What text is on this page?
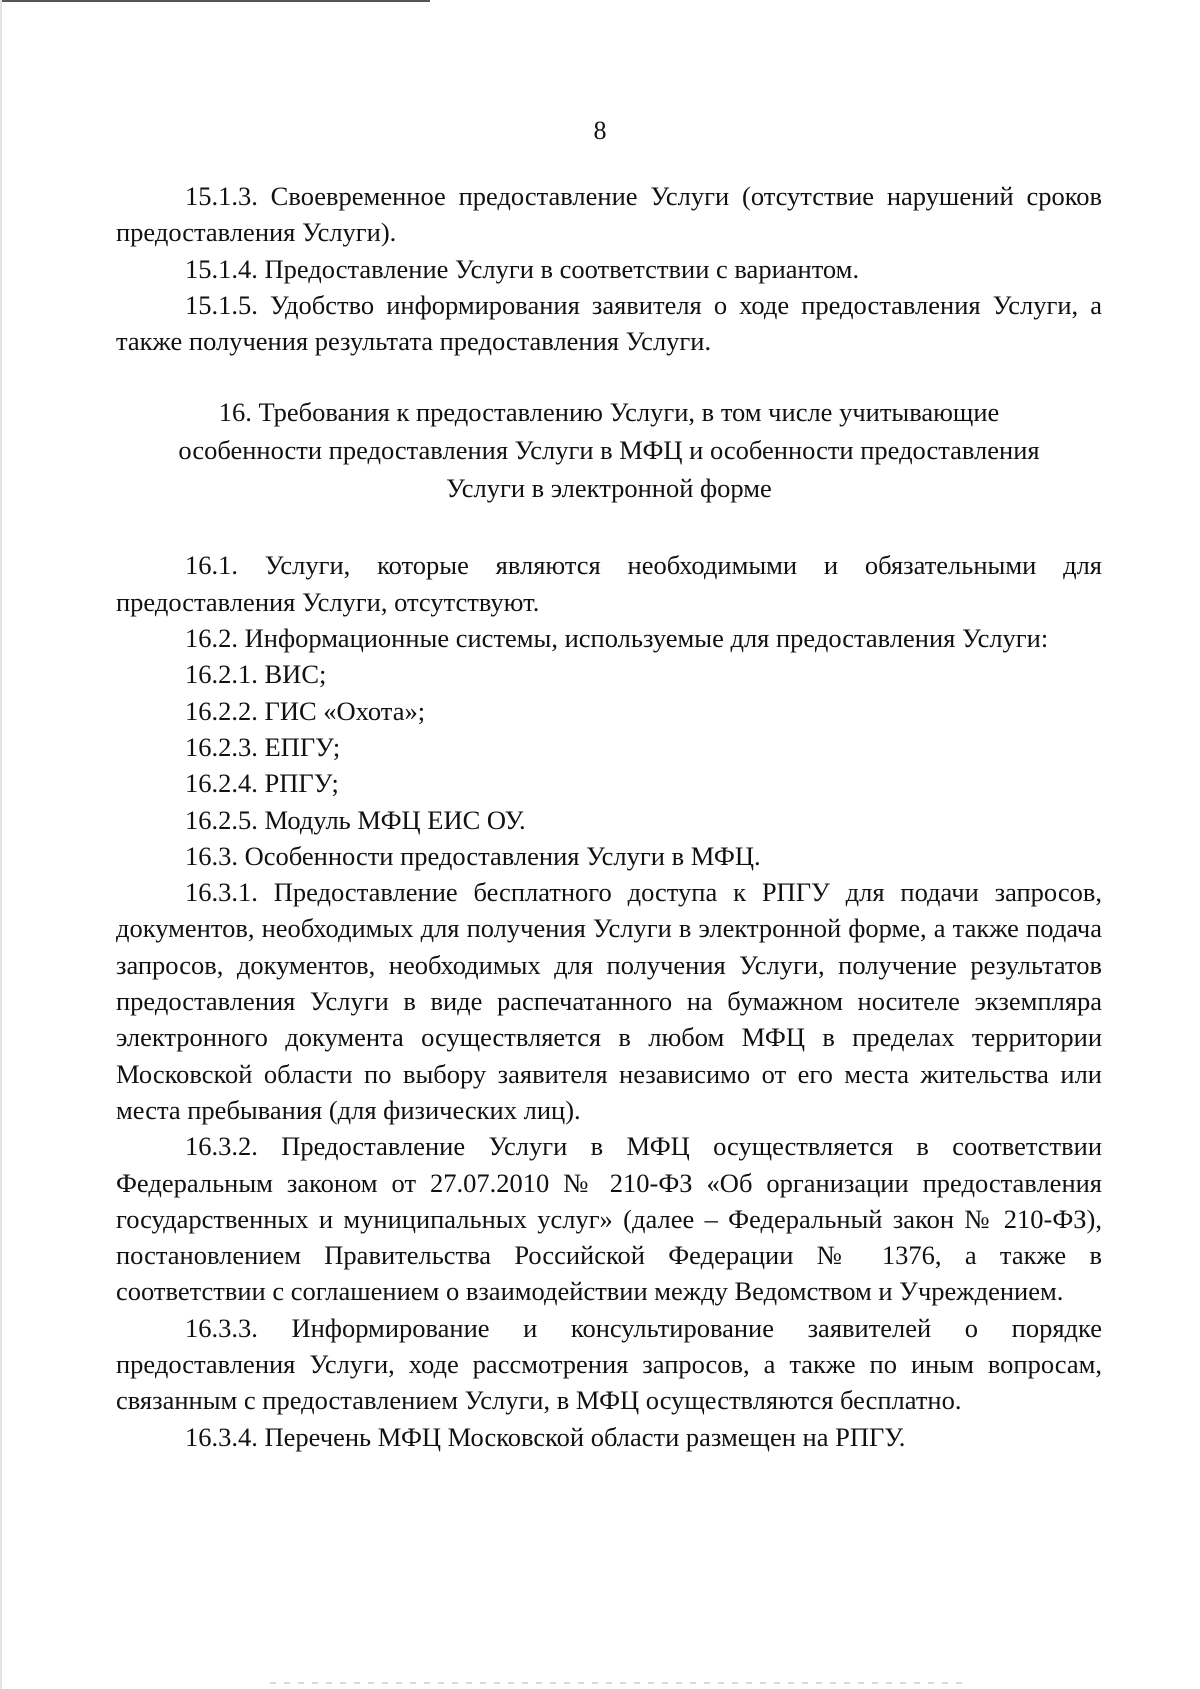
8

15.1.3. Своевременное предоставление Услуги (отсутствие нарушений сроков предоставления Услуги).

15.1.4. Предоставление Услуги в соответствии с вариантом.

15.1.5. Удобство информирования заявителя о ходе предоставления Услуги, а также получения результата предоставления Услуги.

16. Требования к предоставлению Услуги, в том числе учитывающие
особенности предоставления Услуги в МФЦ и особенности предоставления
Услуги в электронной форме

16.1. Услуги, которые являются необходимыми и обязательными для предоставления Услуги, отсутствуют.

16.2. Информационные системы, используемые для предоставления Услуги:

16.2.1. ВИС;

16.2.2. ГИС «Охота»;

16.2.3. ЕПГУ;

16.2.4. РПГУ;

16.2.5. Модуль МФЦ ЕИС ОУ.

16.3. Особенности предоставления Услуги в МФЦ.

16.3.1. Предоставление бесплатного доступа к РПГУ для подачи запросов, документов, необходимых для получения Услуги в электронной форме, а также подача запросов, документов, необходимых для получения Услуги, получение результатов предоставления Услуги в виде распечатанного на бумажном носителе экземпляра электронного документа осуществляется в любом МФЦ в пределах территории Московской области по выбору заявителя независимо от его места жительства или места пребывания (для физических лиц).

16.3.2. Предоставление Услуги в МФЦ осуществляется в соответствии Федеральным законом от 27.07.2010 № 210-ФЗ «Об организации предоставления государственных и муниципальных услуг» (далее – Федеральный закон № 210-ФЗ), постановлением Правительства Российской Федерации № 1376, а также в соответствии с соглашением о взаимодействии между Ведомством и Учреждением.

16.3.3. Информирование и консультирование заявителей о порядке предоставления Услуги, ходе рассмотрения запросов, а также по иным вопросам, связанным с предоставлением Услуги, в МФЦ осуществляются бесплатно.

16.3.4. Перечень МФЦ Московской области размещен на РПГУ.
